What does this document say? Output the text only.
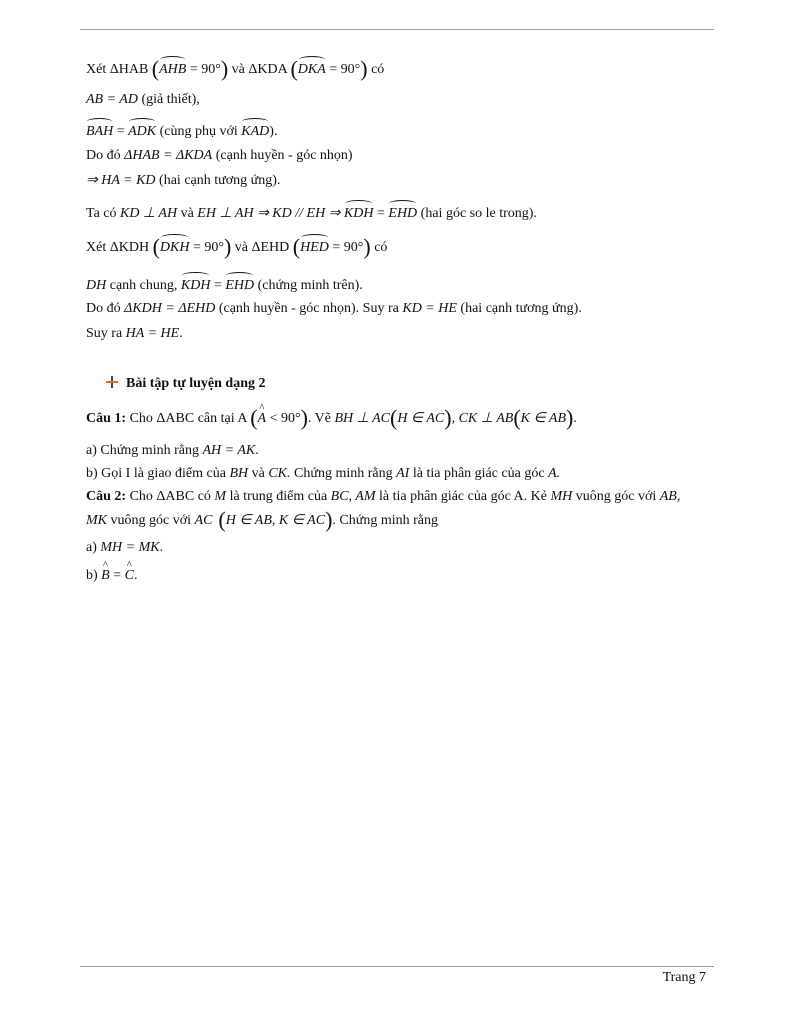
Xét ΔHAB (AHB = 90°) và ΔKDA (DKA = 90°) có
AB = AD (giả thiết),
BAH = ADK (cùng phụ với KAD).
Do đó ΔHAB = ΔKDA (cạnh huyền - góc nhọn)
⇒ HA = KD (hai cạnh tương ứng).
Ta có KD ⊥ AH và EH ⊥ AH ⇒ KD // EH ⇒ KDH = EHD (hai góc so le trong).
Xét ΔKDH (DKH = 90°) và ΔEHD (HED = 90°) có
DH cạnh chung, KDH = EHD (chứng minh trên).
Do đó ΔKDH = ΔEHD (cạnh huyền - góc nhọn). Suy ra KD = HE (hai cạnh tương ứng).
Suy ra HA = HE.
Bài tập tự luyện dạng 2
Câu 1: Cho ΔABC cân tại A (^ A < 90°). Vẽ BH ⊥ AC(H ∈ AC), CK ⊥ AB(K ∈ AB).
a) Chứng minh rằng AH = AK.
b) Gọi I là giao điểm của BH và CK. Chứng minh rằng AI là tia phân giác của góc A.
Câu 2: Cho ΔABC có M là trung điểm của BC, AM là tia phân giác của góc A. Kẻ MH vuông góc với AB,
MK vuông góc với AC (H ∈ AB, K ∈ AC). Chứng minh rằng
a) MH = MK.
b) ^ B = ^ C.
Trang 7
